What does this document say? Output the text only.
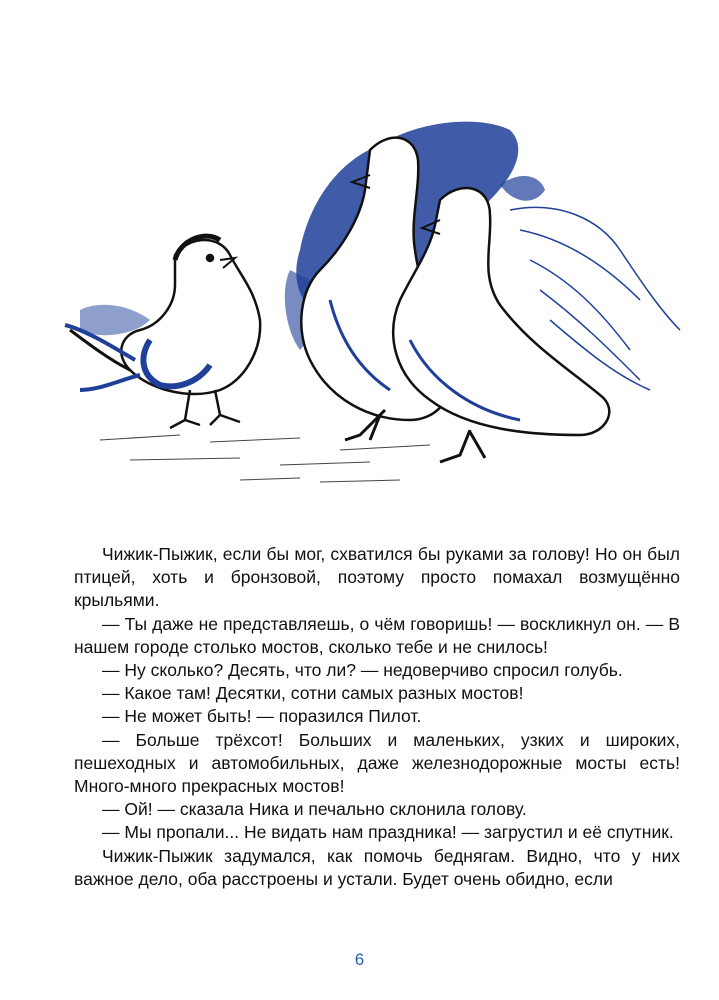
Чижик-Пыжик, если бы мог, схватился бы руками за голову! Но он был птицей, хоть и бронзовой, поэтому просто помахал возмущённо крыльями.

— Ты даже не представляешь, о чём говоришь! — воскликнул он. — В нашем городе столько мостов, сколько тебе и не снилось!

— Ну сколько? Десять, что ли? — недоверчиво спросил голубь.

— Какое там! Десятки, сотни самых разных мостов!

— Не может быть! — поразился Пилот.

— Больше трёхсот! Больших и маленьких, узких и широких, пешеходных и автомобильных, даже железнодорожные мосты есть! Много-много прекрасных мостов!

— Ой! — сказала Ника и печально склонила голову.

— Мы пропали... Не видать нам праздника! — загрустил и её спутник.

Чижик-Пыжик задумался, как помочь беднягам. Видно, что у них важное дело, оба расстроены и устали. Будет очень обидно, если

6
